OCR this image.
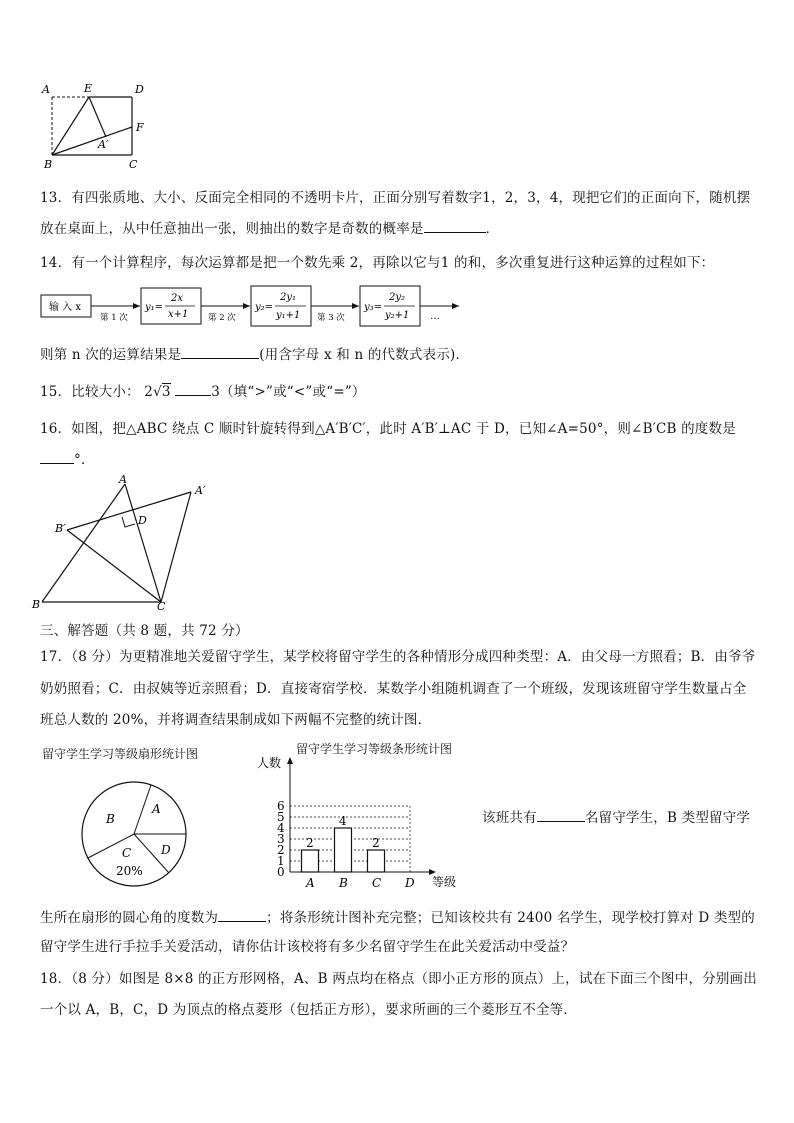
A	E	D
F
A′
B	C
13．有四张质地、大小、反面完全相同的不透明卡片，正面分别写着数字1，2，3，4，现把它们的正面向下，随机摆
放在桌面上，从中任意抽出一张，则抽出的数字是奇数的概率是	．
14．有一个计算程序，每次运算都是把一个数先乘 2，再除以它与1 的和，多次重复进行这种运算的过程如下：
输 入 x
第 1 次
y₁=
2x
x+1 第 2 次
y₂=
2y₁
y₁+1 第 3 次
y₃=
2y₂
y₂+1 …
则第 n 次的运算结果是	(用含字母 x 和 n 的代数式表示)．
15．比较大小： 2√3	3（填“>”或“<”或“=”）
16．如图，把△ABC 绕点 C 顺时针旋转得到△A′B′C′，此时 A′B′⊥AC 于 D，已知∠A=50°，则∠B′CB 的度数是
°．
A
A′
B′
D
B	C
三、解答题（共 8 题，共 72 分）
17．（8 分）为更精准地关爱留守学生，某学校将留守学生的各种情形分成四种类型：A．由父母一方照看；B．由爷爷
奶奶照看；C．由叔姨等近亲照看；D．直接寄宿学校．某数学小组随机调查了一个班级，发现该班留守学生数量占全
班总人数的 20%，并将调查结果制成如下两幅不完整的统计图．
留守学生学习等级扇形统计图
A
B
C D
20%
留守学生学习等级条形统计图
人数
0
1
2
3
4
5
6
等级
2
A
4
B
2
C D
该班共有	名留守学生，B 类型留守学
生所在扇形的圆心角的度数为	；将条形统计图补充完整；已知该校共有 2400 名学生，现学校打算对 D 类型的
留守学生进行手拉手关爱活动，请你估计该校将有多少名留守学生在此关爱活动中受益？
18．（8 分）如图是 8×8 的正方形网格，A、B 两点均在格点（即小正方形的顶点）上，试在下面三个图中，分别画出
一个以 A，B，C，D 为顶点的格点菱形（包括正方形），要求所画的三个菱形互不全等．
